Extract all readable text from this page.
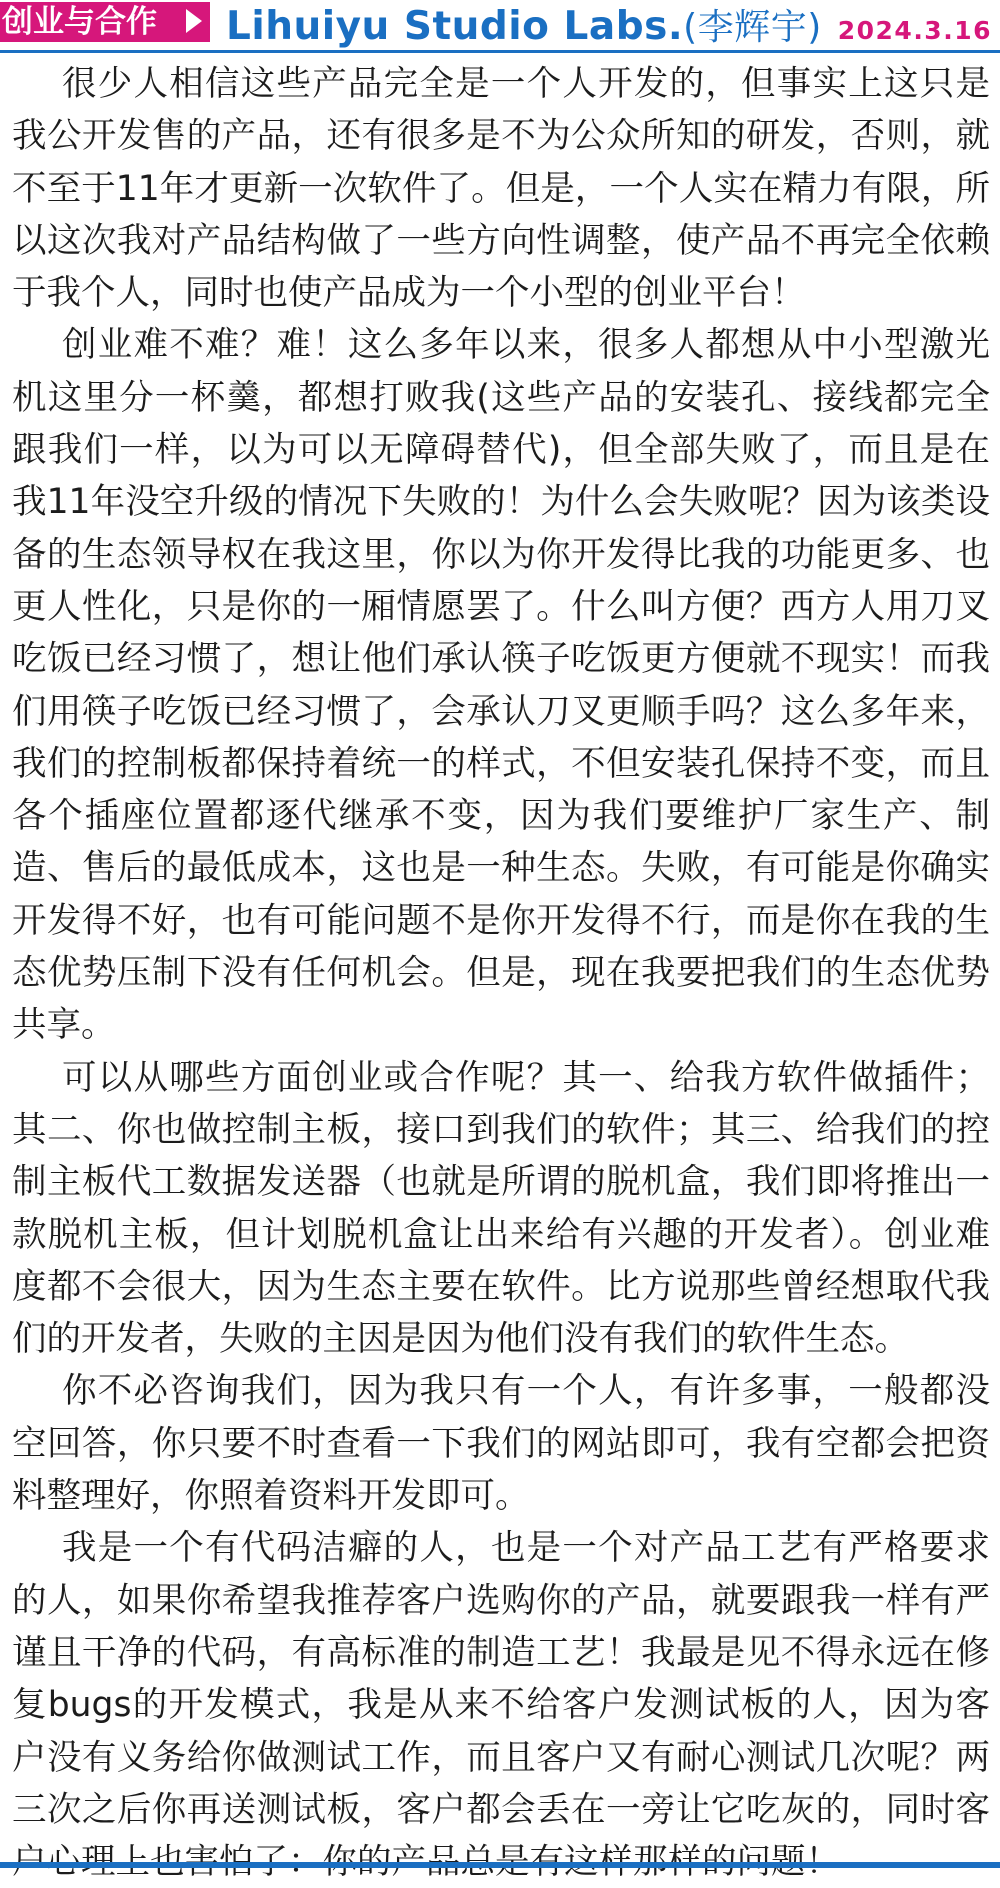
创业与合作	Lihuiyu Studio Labs.(李辉宇) 2024.3.16

很少人相信这些产品完全是一个人开发的，但事实上这只是我公开发售的产品，还有很多是不为公众所知的研发，否则，就不至于11年才更新一次软件了。但是，一个人实在精力有限，所以这次我对产品结构做了一些方向性调整，使产品不再完全依赖于我个人，同时也使产品成为一个小型的创业平台！

创业难不难？难！这么多年以来，很多人都想从中小型激光机这里分一杯羹，都想打败我(这些产品的安装孔、接线都完全跟我们一样，以为可以无障碍替代)，但全部失败了，而且是在我11年没空升级的情况下失败的！为什么会失败呢？因为该类设备的生态领导权在我这里，你以为你开发得比我的功能更多、也更人性化，只是你的一厢情愿罢了。什么叫方便？西方人用刀叉吃饭已经习惯了，想让他们承认筷子吃饭更方便就不现实！而我们用筷子吃饭已经习惯了，会承认刀叉更顺手吗？这么多年来，我们的控制板都保持着统一的样式，不但安装孔保持不变，而且各个插座位置都逐代继承不变，因为我们要维护厂家生产、制造、售后的最低成本，这也是一种生态。失败，有可能是你确实开发得不好，也有可能问题不是你开发得不行，而是你在我的生态优势压制下没有任何机会。但是，现在我要把我们的生态优势共享。

可以从哪些方面创业或合作呢？其一、给我方软件做插件；其二、你也做控制主板，接口到我们的软件；其三、给我们的控制主板代工数据发送器（也就是所谓的脱机盒，我们即将推出一款脱机主板，但计划脱机盒让出来给有兴趣的开发者）。创业难度都不会很大，因为生态主要在软件。比方说那些曾经想取代我们的开发者，失败的主因是因为他们没有我们的软件生态。

你不必咨询我们，因为我只有一个人，有许多事，一般都没空回答，你只要不时查看一下我们的网站即可，我有空都会把资料整理好，你照着资料开发即可。

我是一个有代码洁癖的人，也是一个对产品工艺有严格要求的人，如果你希望我推荐客户选购你的产品，就要跟我一样有严谨且干净的代码，有高标准的制造工艺！我最是见不得永远在修复bugs的开发模式，我是从来不给客户发测试板的人，因为客户没有义务给你做测试工作，而且客户又有耐心测试几次呢？两三次之后你再送测试板，客户都会丢在一旁让它吃灰的，同时客
